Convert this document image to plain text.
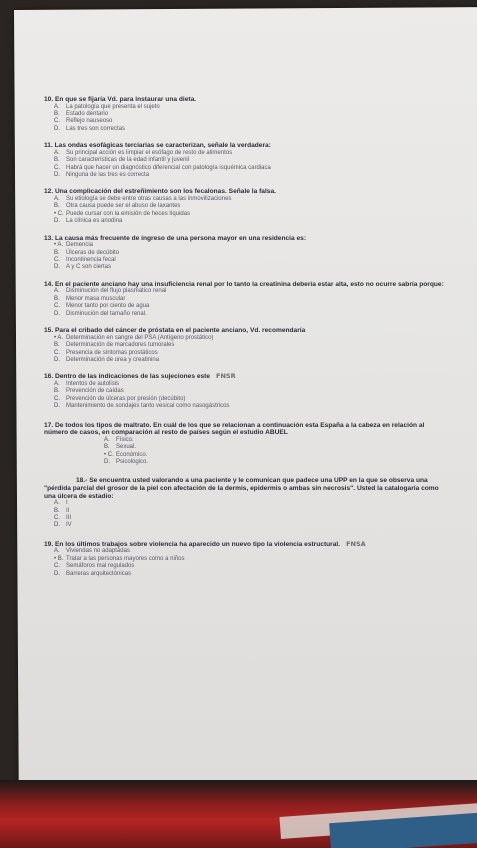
10. En que se fijaría Vd. para instaurar una dieta.
A. La patología que presenta el sujeto
B. Estado dentario
C. Reflejo nauseoso
D. Las tres son correctas
11. Las ondas esofágicas terciarias se caracterizan, señale la verdadera:
A. Su principal acción es limpiar el esófago de resto de alimentos
B. Son características de la edad infantil y juvenil
C. Habrá que hacer un diagnóstico diferencial con patología isquémica cardiaca
D. Ninguna de las tres es correcta
12. Una complicación del estreñimiento son los fecalonas. Señale la falsa.
A. Su etiología se debe entre otras causas a las inmovilizaciones
B. Otra causa puede ser el abuso de laxantes
• C. Puede cursar con la emisión de heces líquidas
D. La clínica es anodina
13. La causa más frecuente de ingreso de una persona mayor en una residencia es:
• A. Demencia
B. Úlceras de decúbito
C. Incontinencia fecal
D. A y C son ciertas
14. En el paciente anciano hay una insuficiencia renal por lo tanto la creatinina debería estar alta, esto no ocurre sabría porque:
A. Disminución del flujo plasmático renal
B. Menor masa muscular
C. Menor tanto por ciento de agua
D. Disminución del tamaño renal.
15. Para el cribado del cáncer de próstata en el paciente anciano, Vd. recomendaría
• A. Determinación en sangre del PSA (Antígeno prostático)
B. Determinación de marcadores tumorales
C. Presencia de síntomas prostáticos
D. Determinación de urea y creatinina
16. Dentro de las indicaciones de las sujeciones este FNSR
A. Intentos de autolisis
B. Prevención de caídas
C. Prevención de úlceras por presión (decúbito)
D. Mantenimiento de sondajes tanto vesical como nasogástricos
17. De todos los tipos de maltrato. En cuál de los que se relacionan a continuación esta España a la cabeza en relación al número de casos, en comparación al resto de países según el estudio ABUEL
A. Físico.
B. Sexual.
• C. Económico.
D. Psicológico.
18.- Se encuentra usted valorando a una paciente y le comunican que padece una UPP en la que se observa una "pérdida parcial del grosor de la piel con afectación de la dermis, epidermis o ambas sin necrosis". Usted la catalogaría como una úlcera de estadio:
A. I
B. II
C. III
D. IV
19. En los últimos trabajos sobre violencia ha aparecido un nuevo tipo la violencia estructural. FNSA
A. Viviendas no adaptadas
• B. Tratar a las personas mayores como a niños
C. Semáforos mal regulados
D. Barreras arquitectónicas
